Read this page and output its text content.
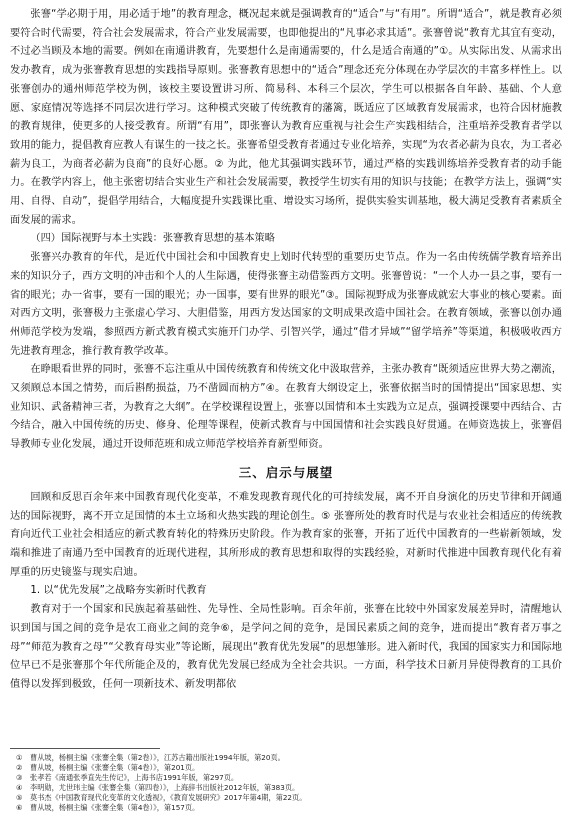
张謇“学必期于用，用必适于地”的教育理念，概况起来就是强调教育的“适合”与“有用”。所谓“适合”，就是教育必须要符合时代需要，符合社会发展需求，符合产业发展需要，也即他提出的“凡事必求其适”。张謇曾说“教育尤其宜有变动，不过必当顾及本地的需要。例如在南通讲教育，先要想什么是南通需要的，什么是适合南通的”①。从实际出发、从需求出发办教育，成为张謇教育思想的实践指导原则。张謇教育思想中的“适合”理念还充分体现在办学层次的丰富多样性上。以张謇创办的通州师范学校为例，该校主要设置讲习所、简易科、本科三个层次，学生可以根据各自年龄、基础、个人意愿、家庭情况等选择不同层次进行学习。这种模式突破了传统教育的藩篱，既适应了区域教育发展需求，也符合因材施教的教育规律，使更多的人接受教育。所谓“有用”，即张謇认为教育应重视与社会生产实践相结合，注重培养受教育者学以致用的能力，提倡教育应教人有谋生的一技之长。张謇希望受教育者通过专业化培养，实现“为农者必薪为良农，为工者必薪为良工，为商者必薪为良商”的良好心愿。② 为此，他尤其强调实践环节，通过严格的实践训练培养受教育者的动手能力。在教学内容上，他主张密切结合实业生产和社会发展需要，教授学生切实有用的知识与技能；在教学方法上，强调“实用、自得、自动”，提倡学用结合，大幅度提升实践课比重、增设实习场所，提供实验实训基地，极大满足受教育者素质全面发展的需求。

（四）国际视野与本土实践：张謇教育思想的基本策略

张謇兴办教育的年代，是近代中国社会和中国教育史上划时代转型的重要历史节点。作为一名由传统儒学教育培养出来的知识分子，西方文明的冲击和个人的人生际遇，使得张謇主动借鉴西方文明。张謇曾说：“一个人办一县之事，要有一省的眼光；办一省事，要有一国的眼光；办一国事，要有世界的眼光”③。国际视野成为张謇成就宏大事业的核心要素。面对西方文明，张謇极力主张虚心学习、大胆借鉴，用西方发达国家的文明成果改造中国社会。在教育领域，张謇以创办通州师范学校为发端，参照西方新式教育模式实施开门办学、引智兴学，通过“借才异域”“留学培养”等渠道，积极吸收西方先进教育理念，推行教育教学改革。

在睁眼看世界的同时，张謇不忘注重从中国传统教育和传统文化中汲取营养，主张办教育“既须适应世界大势之潮流，又须顾总本国之情势，而后斟酌损益，乃不凿圆而枘方”④。在教育大纲设定上，张謇依据当时的国情提出“国家思想、实业知识、武备精神三者，为教育之大纲”。在学校课程设置上，张謇以国情和本土实践为立足点，强调授课要中西结合、古今结合，融入中国传统的历史、修身、伦理等课程，使新式教育与中国国情和社会实践良好贯通。在师资选拔上，张謇倡导教师专业化发展，通过开设师范班和成立师范学校培养育新型师资。

三、启示与展望

回顾和反思百余年来中国教育现代化变革，不难发现教育现代化的可持续发展，离不开自身演化的历史节律和开阔通达的国际视野，离不开立足国情的本土立场和火热实践的理论创生。⑤ 张謇所处的教育时代是与农业社会相适应的传统教育向近代工业社会相适应的新式教育转化的特殊历史阶段。作为教育家的张謇，开拓了近代中国教育的一些崭新领域，发端和推进了南通乃至中国教育的近现代进程，其所形成的教育思想和取得的实践经验，对新时代推进中国教育现代化有着厚重的历史镜鉴与现实启迪。

1. 以“优先发展”之战略夯实新时代教育

教育对于一个国家和民族起着基础性、先导性、全局性影响。百余年前，张謇在比较中外国家发展差异时，清醒地认识到国与国之间的竞争是农工商业之间的竞争⑥，是学问之间的竞争，是国民素质之间的竞争，进而提出“教育者万事之母”“师范为教育之母”“父教育母实业”等论断，展现出“教育优先发展”的思想雏形。进入新时代，我国的国家实力和国际地位早已不是张謇那个年代所能企及的，教育优先发展已经成为全社会共识。一方面，科学技术日新月异使得教育的工具价值得以发挥到极致，任何一项新技术、新发明都依

① 曹从坡，杨桐主编《张謇全集（第2卷）》，江苏古籍出版社1994年版，第20页。

② 曹从坡，杨桐主编《张謇全集（第4卷）》，第201页。

③ 张孝若《南通张季直先生传记》，上海书店1991年版，第297页。

④ 李明勋，尤世玮主编《张謇全集（第四卷）》，上海辞书出版社2012年版，第383页。

⑤ 莫书杰《中国教育现代化变革的文化透视》，《教育发展研究》2017年第4期，第22页。

⑥ 曹从坡，杨桐主编《张謇全集（第4卷）》，第157页。
